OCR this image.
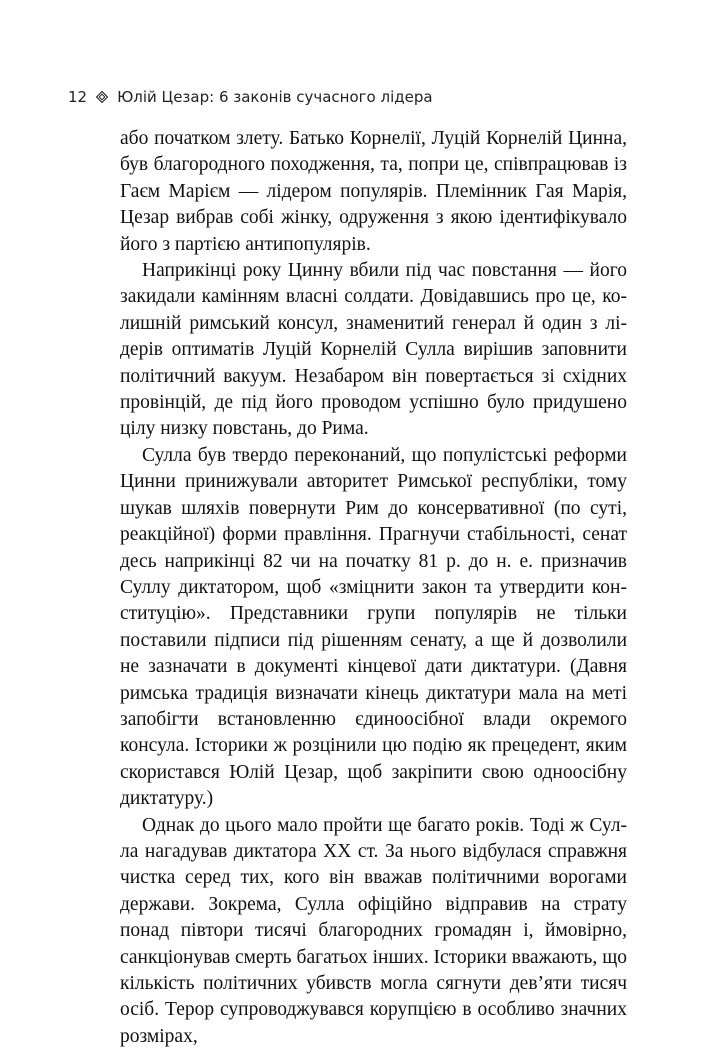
12 Юлій Цезар: 6 законів сучасного лідера

або початком злету. Батько Корнелії, Луцій Корнелій Цинна, був благородного походження, та, попри це, співпрацював із Гаєм Марієм — лідером популярів. Племінник Гая Марія, Цезар вибрав собі жінку, одруження з якою ідентифікувало його з партією антипопулярів.

Наприкінці року Цинну вбили під час повстання — його закидали камінням власні солдати. Довідавшись про це, колишній римський консул, знаменитий генерал й один з лідерів оптиматів Луцій Корнелій Сулла вирішив заповнити політичний вакуум. Незабаром він повертається зі східних провінцій, де під його проводом успішно було придушено цілу низку повстань, до Рима.

Сулла був твердо переконаний, що популістські реформи Цинни принижували авторитет Римської республіки, тому шукав шляхів повернути Рим до консервативної (по суті, реакційної) форми правління. Прагнучи стабільності, сенат десь наприкінці 82 чи на початку 81 р. до н. е. призначив Суллу диктатором, щоб «зміцнити закон та утвердити конституцію». Представники групи популярів не тільки поставили підписи під рішенням сенату, а ще й дозволили не зазначати в документі кінцевої дати диктатури. (Давня римська традиція визначати кінець диктатури мала на меті запобігти встановленню єдиноосібної влади окремого консула. Історики ж розцінили цю подію як прецедент, яким скористався Юлій Цезар, щоб закріпити свою одноосібну диктатуру.)

Однак до цього мало пройти ще багато років. Тоді ж Сулла нагадував диктатора XX ст. За нього відбулася справжня чистка серед тих, кого він вважав політичними ворогами держави. Зокрема, Сулла офіційно відправив на страту понад півтори тисячі благородних громадян і, ймовірно, санкціонував смерть багатьох інших. Історики вважають, що кількість політичних убивств могла сягнути дев’яти тисяч осіб. Терор супроводжувався корупцією в особливо значних розмірах,
